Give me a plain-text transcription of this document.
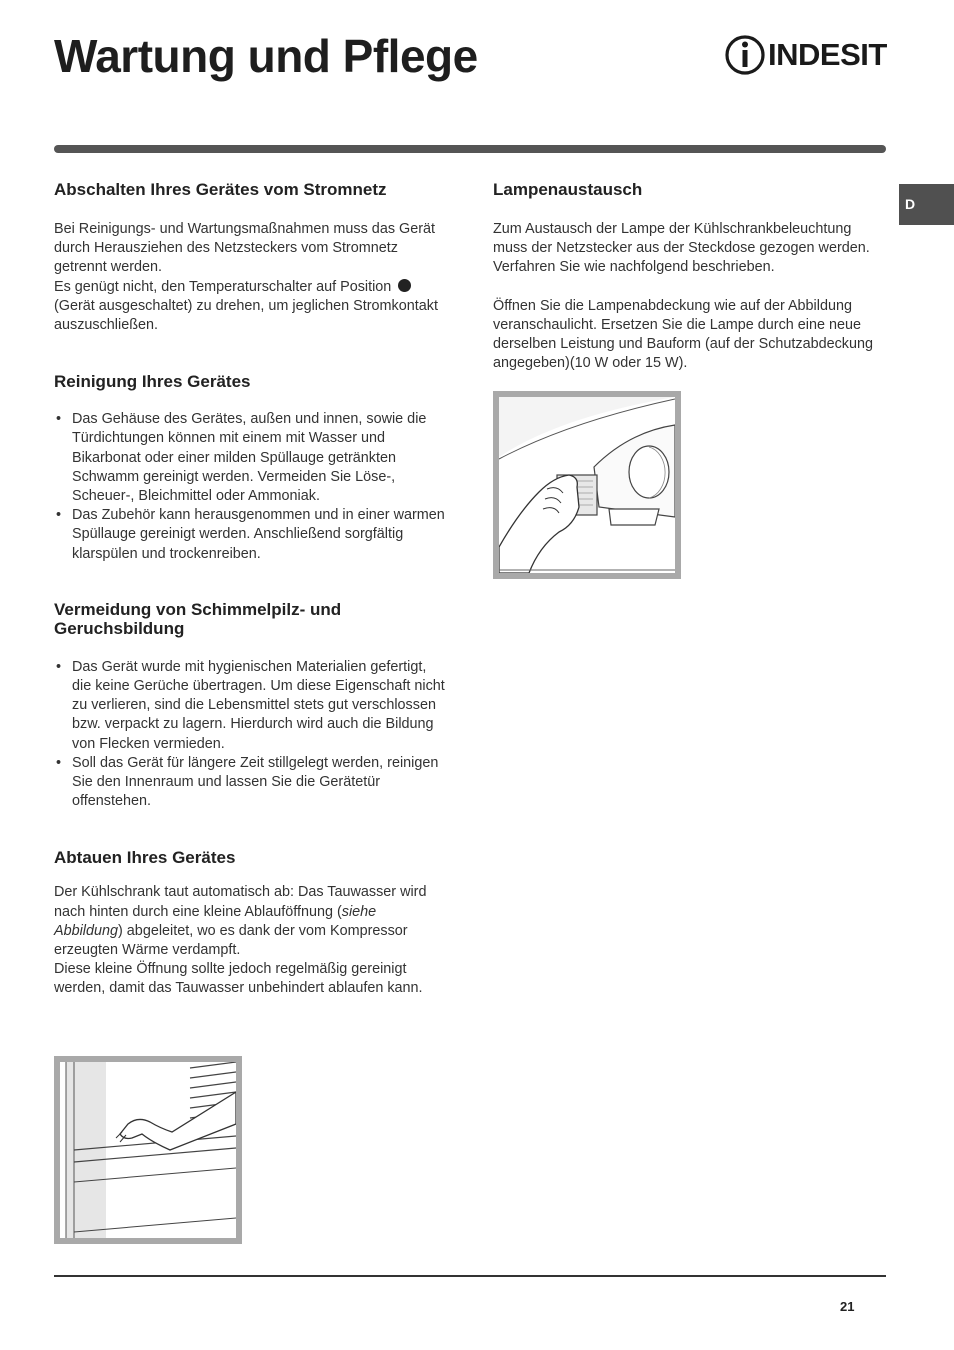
Wartung und Pflege	INDESIT
D
Abschalten Ihres Gerätes vom Stromnetz

Bei Reinigungs- und Wartungsmaßnahmen muss das Gerät durch Herausziehen des Netzsteckers vom Stromnetz getrennt werden.

Es genügt nicht, den Temperaturschalter auf Position  (Gerät ausgeschaltet) zu drehen, um jeglichen Stromkontakt auszuschließen.

Reinigung Ihres Gerätes
• Das Gehäuse des Gerätes, außen und innen, sowie die Türdichtungen können mit einem mit Wasser und Bikarbonat oder einer milden Spüllauge getränkten Schwamm gereinigt werden. Vermeiden Sie Löse-, Scheuer-, Bleichmittel oder Ammoniak.
• Das Zubehör kann herausgenommen und in einer warmen Spüllauge gereinigt werden. Anschließend sorgfältig klarspülen und trockenreiben.
Vermeidung von Schimmelpilz- und Geruchsbildung
• Das Gerät wurde mit hygienischen Materialien gefertigt, die keine Gerüche übertragen. Um diese Eigenschaft nicht zu verlieren, sind die Lebensmittel stets gut verschlossen bzw. verpackt zu lagern. Hierdurch wird auch die Bildung von Flecken vermieden.
• Soll das Gerät für längere Zeit stillgelegt werden, reinigen Sie den Innenraum und lassen Sie die Gerätetür offenstehen.
Abtauen Ihres Gerätes

Der Kühlschrank taut automatisch ab: Das Tauwasser wird nach hinten durch eine kleine Ablauföffnung (siehe Abbildung) abgeleitet, wo es dank der vom Kompressor erzeugten Wärme verdampft.

Diese kleine Öffnung sollte jedoch regelmäßig gereinigt werden, damit das Tauwasser unbehindert ablaufen kann.

Lampenaustausch

Zum Austausch der Lampe der Kühlschrankbeleuchtung muss der Netzstecker aus der Steckdose gezogen werden. Verfahren Sie wie nachfolgend beschrieben.

Öffnen Sie die Lampenabdeckung wie auf der Abbildung veranschaulicht. Ersetzen Sie die Lampe durch eine neue derselben Leistung und Bauform (auf der Schutzabdeckung angegeben)(10 W oder 15 W).

21
